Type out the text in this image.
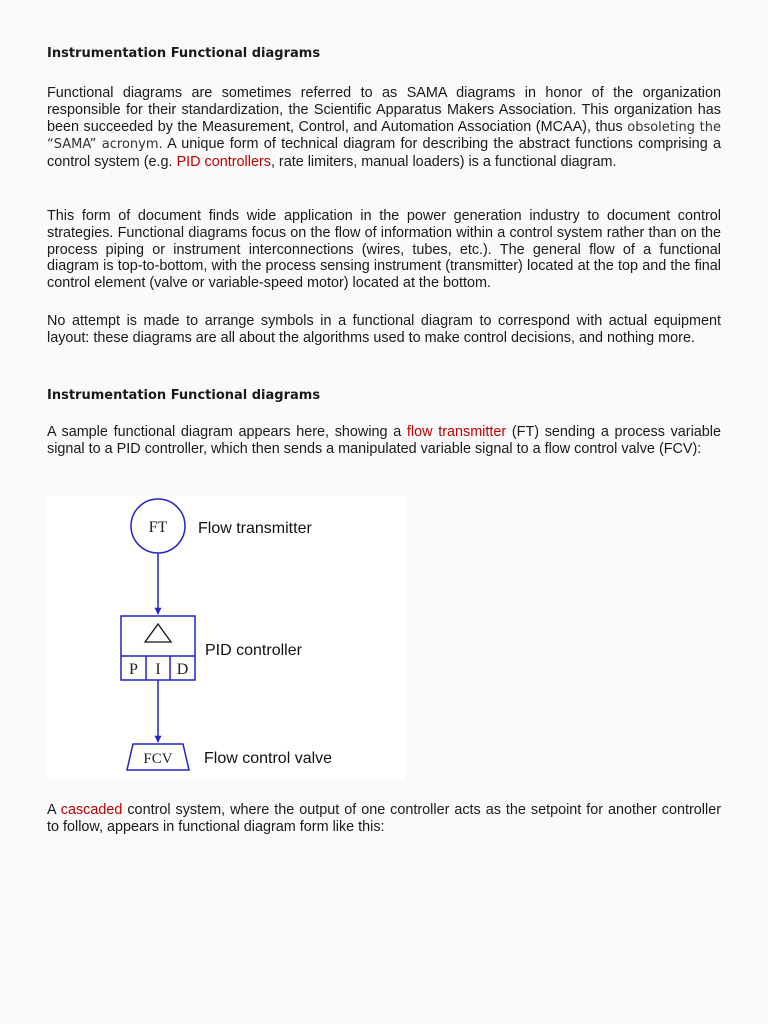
Instrumentation Functional diagrams

Functional diagrams are sometimes referred to as SAMA diagrams in honor of the organization responsible for their standardization, the Scientific Apparatus Makers Association. This organization has been succeeded by the Measurement, Control, and Automation Association (MCAA), thus obsoleting the “SAMA” acronym. A unique form of technical diagram for describing the abstract functions comprising a control system (e.g. PID controllers, rate limiters, manual loaders) is a functional diagram.

This form of document finds wide application in the power generation industry to document control strategies. Functional diagrams focus on the flow of information within a control system rather than on the process piping or instrument interconnections (wires, tubes, etc.). The general flow of a functional diagram is top-to-bottom, with the process sensing instrument (transmitter) located at the top and the final control element (valve or variable-speed motor) located at the bottom.

No attempt is made to arrange symbols in a functional diagram to correspond with actual equipment layout: these diagrams are all about the algorithms used to make control decisions, and nothing more.

Instrumentation Functional diagrams

A sample functional diagram appears here, showing a flow transmitter (FT) sending a process variable signal to a PID controller, which then sends a manipulated variable signal to a flow control valve (FCV):

FT Flow transmitter
P I D
PID controller
FCV Flow control valve

A cascaded control system, where the output of one controller acts as the setpoint for another controller to follow, appears in functional diagram form like this:
